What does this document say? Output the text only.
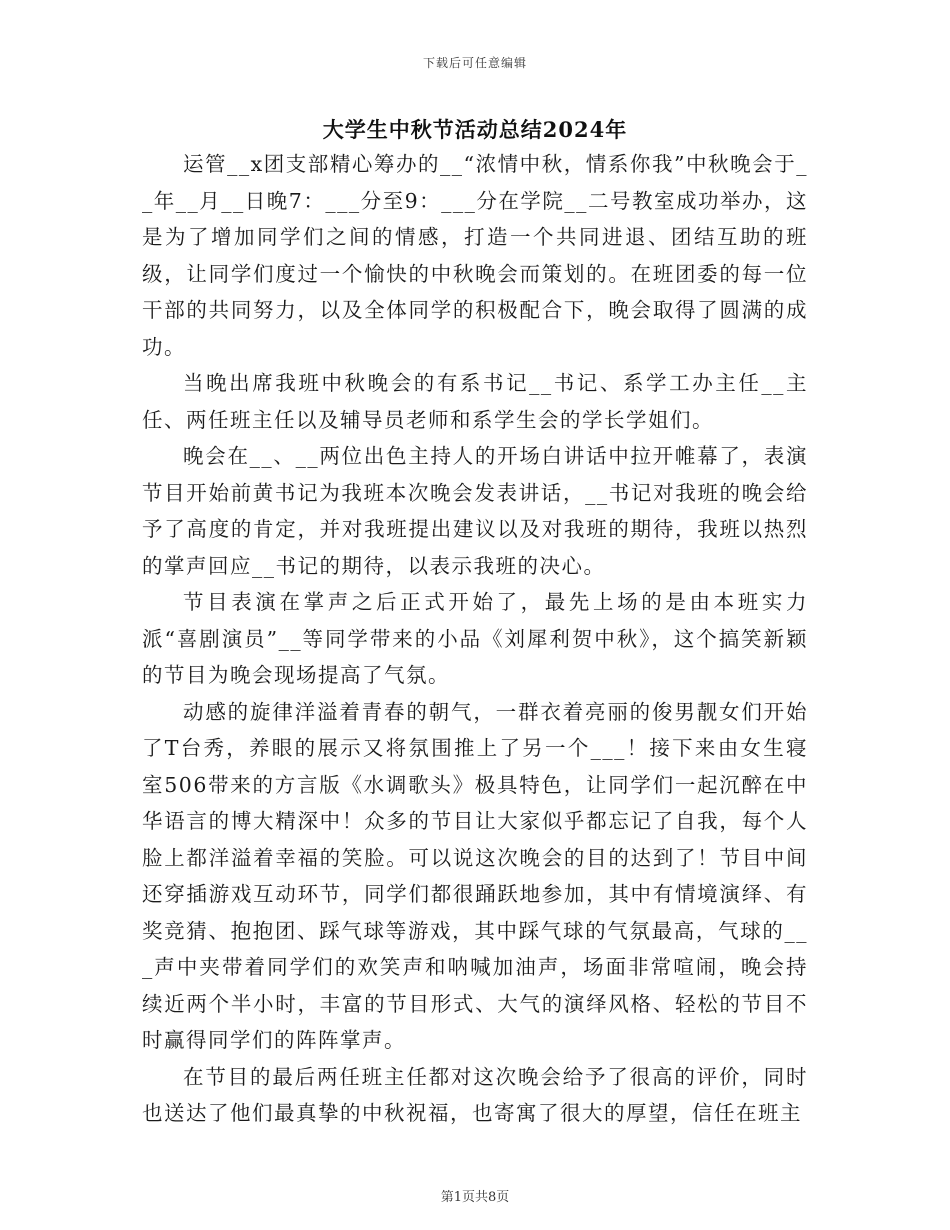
下载后可任意编辑
大学生中秋节活动总结2024年

运管__x团支部精心筹办的__“浓情中秋，情系你我”中秋晚会于__年__月__日晚7：___分至9：___分在学院__二号教室成功举办，这是为了增加同学们之间的情感，打造一个共同进退、团结互助的班级，让同学们度过一个愉快的中秋晚会而策划的。在班团委的每一位干部的共同努力，以及全体同学的积极配合下，晚会取得了圆满的成功。

当晚出席我班中秋晚会的有系书记__书记、系学工办主任__主任、两任班主任以及辅导员老师和系学生会的学长学姐们。

晚会在__、__两位出色主持人的开场白讲话中拉开帷幕了，表演节目开始前黄书记为我班本次晚会发表讲话，__书记对我班的晚会给予了高度的肯定，并对我班提出建议以及对我班的期待，我班以热烈的掌声回应__书记的期待，以表示我班的决心。

节目表演在掌声之后正式开始了，最先上场的是由本班实力派“喜剧演员”__等同学带来的小品《刘犀利贺中秋》，这个搞笑新颖的节目为晚会现场提高了气氛。

动感的旋律洋溢着青春的朝气，一群衣着亮丽的俊男靓女们开始了T台秀，养眼的展示又将氛围推上了另一个___！接下来由女生寝室506带来的方言版《水调歌头》极具特色，让同学们一起沉醉在中华语言的博大精深中！众多的节目让大家似乎都忘记了自我，每个人脸上都洋溢着幸福的笑脸。可以说这次晚会的目的达到了！节目中间还穿插游戏互动环节，同学们都很踊跃地参加，其中有情境演绎、有奖竞猜、抱抱团、踩气球等游戏，其中踩气球的气氛最高，气球的___声中夹带着同学们的欢笑声和呐喊加油声，场面非常喧闹，晚会持续近两个半小时，丰富的节目形式、大气的演绎风格、轻松的节目不时赢得同学们的阵阵掌声。

在节目的最后两任班主任都对这次晚会给予了很高的评价，同时也送达了他们最真挚的中秋祝福，也寄寓了很大的厚望，信任在班主

第1页共8页
